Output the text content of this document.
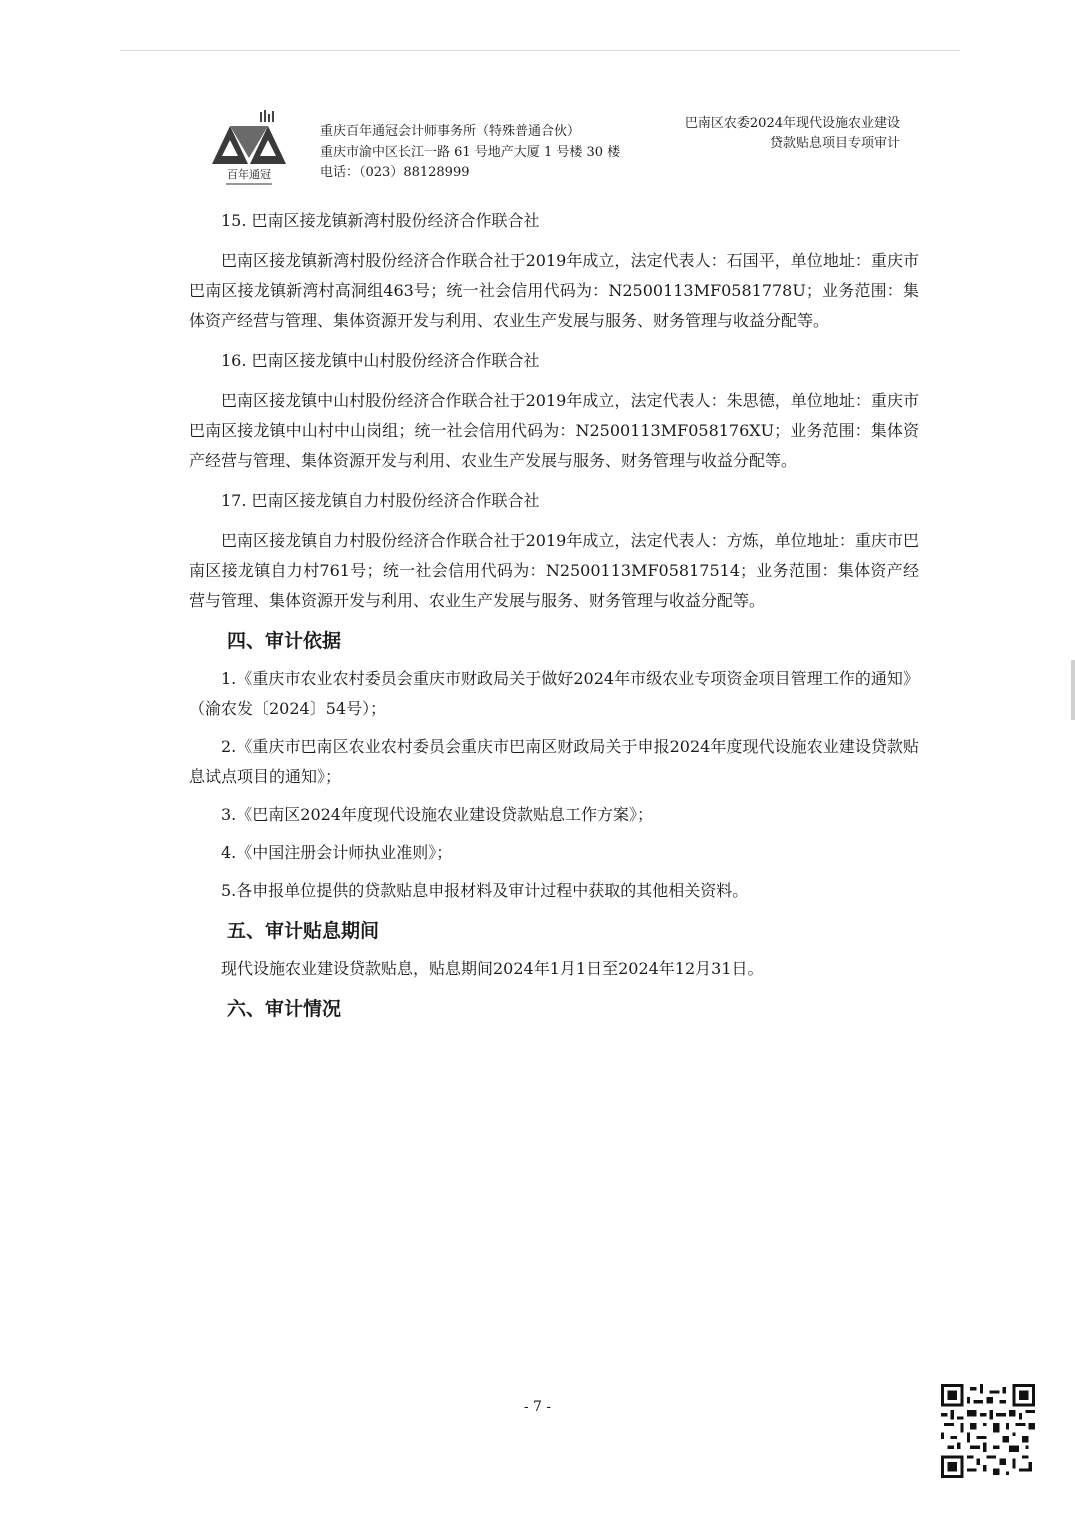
百年通冠
重庆百年通冠会计师事务所（特殊普通合伙）
重庆市渝中区长江一路 61 号地产大厦 1 号楼 30 楼
电话：（023）88128999
巴南区农委2024年现代设施农业建设
贷款贴息项目专项审计

15. 巴南区接龙镇新湾村股份经济合作联合社

巴南区接龙镇新湾村股份经济合作联合社于2019年成立，法定代表人：石国平，单位地址：重庆市巴南区接龙镇新湾村高洞组463号；统一社会信用代码为：N2500113MF0581778U；业务范围：集体资产经营与管理、集体资源开发与利用、农业生产发展与服务、财务管理与收益分配等。

16. 巴南区接龙镇中山村股份经济合作联合社

巴南区接龙镇中山村股份经济合作联合社于2019年成立，法定代表人：朱思德，单位地址：重庆市巴南区接龙镇中山村中山岗组；统一社会信用代码为：N2500113MF058176XU；业务范围：集体资产经营与管理、集体资源开发与利用、农业生产发展与服务、财务管理与收益分配等。

17. 巴南区接龙镇自力村股份经济合作联合社

巴南区接龙镇自力村股份经济合作联合社于2019年成立，法定代表人：方炼，单位地址：重庆市巴南区接龙镇自力村761号；统一社会信用代码为：N2500113MF05817514；业务范围：集体资产经营与管理、集体资源开发与利用、农业生产发展与服务、财务管理与收益分配等。

四、审计依据

1.《重庆市农业农村委员会重庆市财政局关于做好2024年市级农业专项资金项目管理工作的通知》（渝农发〔2024〕54号）；

2.《重庆市巴南区农业农村委员会重庆市巴南区财政局关于申报2024年度现代设施农业建设贷款贴息试点项目的通知》；

3.《巴南区2024年度现代设施农业建设贷款贴息工作方案》；

4.《中国注册会计师执业准则》；

5.各申报单位提供的贷款贴息申报材料及审计过程中获取的其他相关资料。

五、审计贴息期间

现代设施农业建设贷款贴息，贴息期间2024年1月1日至2024年12月31日。

六、审计情况
- 7 -
